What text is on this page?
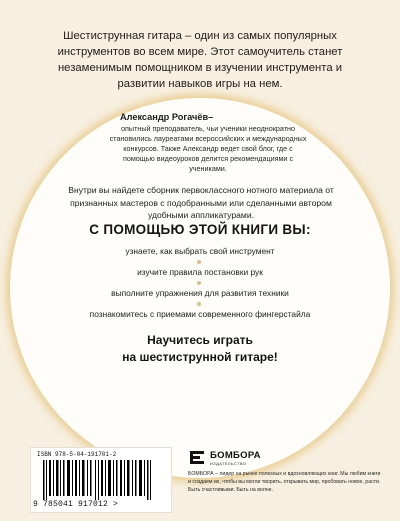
Шестиструнная гитара – один из самых популярных инструментов во всем мире. Этот самоучитель станет незаменимым помощником в изучении инструмента и развитии навыков игры на нем.
Александр Рогачёв–
опытный преподаватель, чьи ученики неоднократно становились лауреатами всероссийских и международных конкурсов. Также Александр ведет свой блог, где с помощью видеоуроков делится рекомендациями с учениками.
Внутри вы найдете сборник первоклассного нотного материала от признанных мастеров с подобранными или сделанными автором удобными аппликатурами.
С ПОМОЩЬЮ ЭТОЙ КНИГИ ВЫ:
узнаете, как выбрать свой инструмент
изучите правила постановки рук
выполните упражнения для развития техники
познакомитесь с приемами современного фингерстайла
Научитесь играть
на шестиструнной гитаре!
ISBN 978-5-04-191701-2
9 785041 917012 >
БОМБОРА
ИЗДАТЕЛЬСТВО
БОМБОРА – лидер на рынке полезных и вдохновляющих книг. Мы любим книги и создаем их, чтобы вы могли творить, открывать мир, пробовать новое, расти. Быть счастливыми. Быть на волне.
